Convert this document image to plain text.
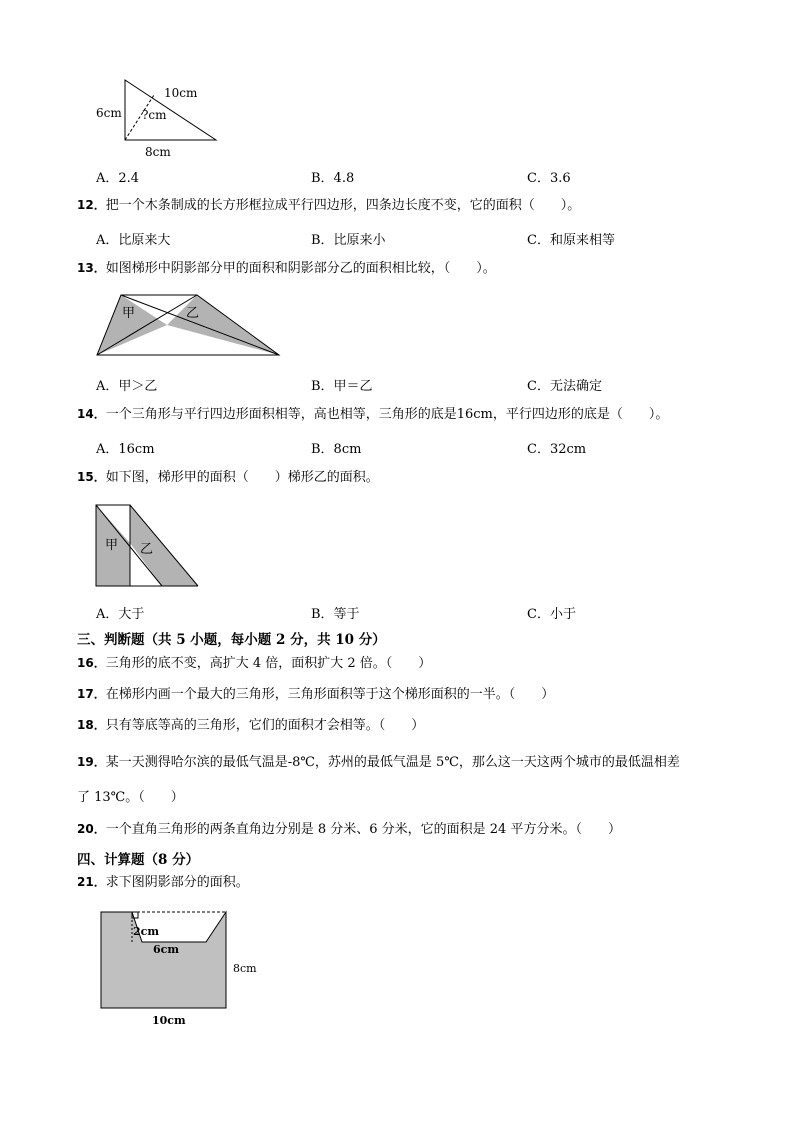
6cm
10cm
?cm
8cm
A．2.4	B．4.8	C．3.6
12．把一个木条制成的长方形框拉成平行四边形，四条边长度不变，它的面积（　　）。
A．比原来大	B．比原来小	C．和原来相等
13．如图梯形中阴影部分甲的面积和阴影部分乙的面积相比较，（　　）。
甲	乙
A．甲＞乙	B．甲＝乙	C．无法确定
14．一个三角形与平行四边形面积相等，高也相等，三角形的底是16cm，平行四边形的底是（　　）。
A．16cm	B．8cm	C．32cm
15．如下图，梯形甲的面积（　　）梯形乙的面积。
甲 乙
A．大于	B．等于	C．小于
三、判断题（共 5 小题，每小题 2 分，共 10 分）
16．三角形的底不变，高扩大 4 倍，面积扩大 2 倍。（　　）
17．在梯形内画一个最大的三角形，三角形面积等于这个梯形面积的一半。（　　）
18．只有等底等高的三角形，它们的面积才会相等。（　　）
19．某一天测得哈尔滨的最低气温是-8℃，苏州的最低气温是 5℃，那么这一天这两个城市的最低温相差
了 13℃。（　　）
20．一个直角三角形的两条直角边分别是 8 分米、6 分米，它的面积是 24 平方分米。（　　）
四、计算题（8 分）
21．求下图阴影部分的面积。
2cm
6cm
8cm
10cm
